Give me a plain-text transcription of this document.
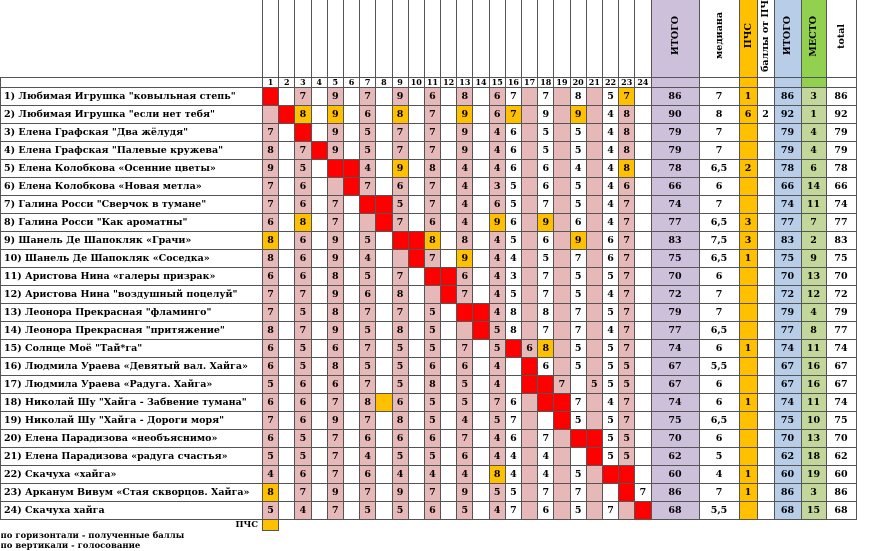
																									ИТОГО	медиана	ПЧС	баллы от ПЧ	ИТОГО	МЕСТО	total
	1	2	3	4	5	6	7	8	9	10	11	12	13	14	15	16	17	18	19	20	21	22	23	24							
1) Любимая Игрушка "ковыльная степь"			7		9		7		9		6		8		6	7		7		8		5	7		86	7	1		86	3	86
2) Любимая Игрушка "если нет тебя"			8		9		6		8		7		9		6	7		9		9		4	8		90	8	6	2	92	1	92
3) Елена Графская "Два жёлудя"	7				9		5		7		7		9		4	6		5		5		4	8		79	7			79	4	79
4) Елена Графская "Палевые кружева"	8		7		9		5		7		7		9		4	6		5		5		4	8		79	7			79	4	79
5) Елена Колобкова «Осенние цветы»	9		5				4		9		8		4		4	6		6		4		4	8		78	6,5	2		78	6	78
6) Елена Колобкова «Новая метла»	7		6				7		6		7		4		3	5		6		5		4	6		66	6			66	14	66
7) Галина Росси "Сверчок в тумане"	7		6		7				5		7		4		6	5		7		5		4	7		74	7			74	11	74
8) Галина Росси "Как ароматны"	6		8		7				7		6		4		9	6		9		6		4	7		77	6,5	3		77	7	77
9) Шанель Де Шапокляк «Грачи»	8		6		9		5				8		8		4	5		6		9		6	7		83	7,5	3		83	2	83
10) Шанель Де Шапокляк «Соседка»	8		6		9		4				7		9		4	4		5		7		6	7		75	6,5	1		75	9	75
11) Аристова Нина «галеры призрак»	6		6		8		5		7				6		4	3		7		5		5	7		70	6			70	13	70
12) Аристова Нина "воздушный поцелуй"	7		7		9		6		8				7		4	5		7		5		4	7		72	7			72	12	72
13) Леонора Прекрасная "фламинго"	7		5		8		7		7		5				4	8		8		7		5	7		79	7			79	4	79
14) Леонора Прекрасная "притяжение"	8		7		9		5		8		5				5	8		7		7		4	7		77	6,5			77	8	77
15) Солнце Моё "Тай*га"	6		5		6		7		5		5		7		5		6	8		5		5	7		74	6	1		74	11	74
16) Людмила Ураева «Девятый вал. Хайга»	6		5		8		5		5		6		6		4			6		5		5	5		67	5,5			67	16	67
17) Людмила Ураева «Радуга. Хайга»	5		6		6		7		5		8		5		4				7		5	5	5		67	6			67	16	67
18) Николай Шу "Хайга - Забвение тумана"	6		6		7		8		6		5		5		7	6				7		4	7		74	6	1		74	11	74
19) Николай Шу "Хайга - Дороги моря"	7		6		9		7		8		5		4		5	7				5		5	7		75	6,5			75	10	75
20) Елена Парадизова «необъяснимо»	6		5		7		6		6		6		7		4	6		7				5	5		70	6			70	13	70
21) Елена Парадизова «радуга счастья»	5		5		7		4		5		5		6		4	4		4				5	5		62	5			62	18	62
22) Скачуха «хайга»	4		6		7		6		4		4		4		8	4		4		5					60	4	1		60	19	60
23) Арканум Вивум «Стая скворцов. Хайга»	8		7		9		7		9		7		9		5	5		7		7				7	86	7	1		86	3	86
24) Скачуха хайга	5		4		7		5		5		6		5		4	7		6		5		7			68	5,5			68	15	68
ПЧС																															
по горизонтали - полученные баллы																															
по вертикали - голосование																															
